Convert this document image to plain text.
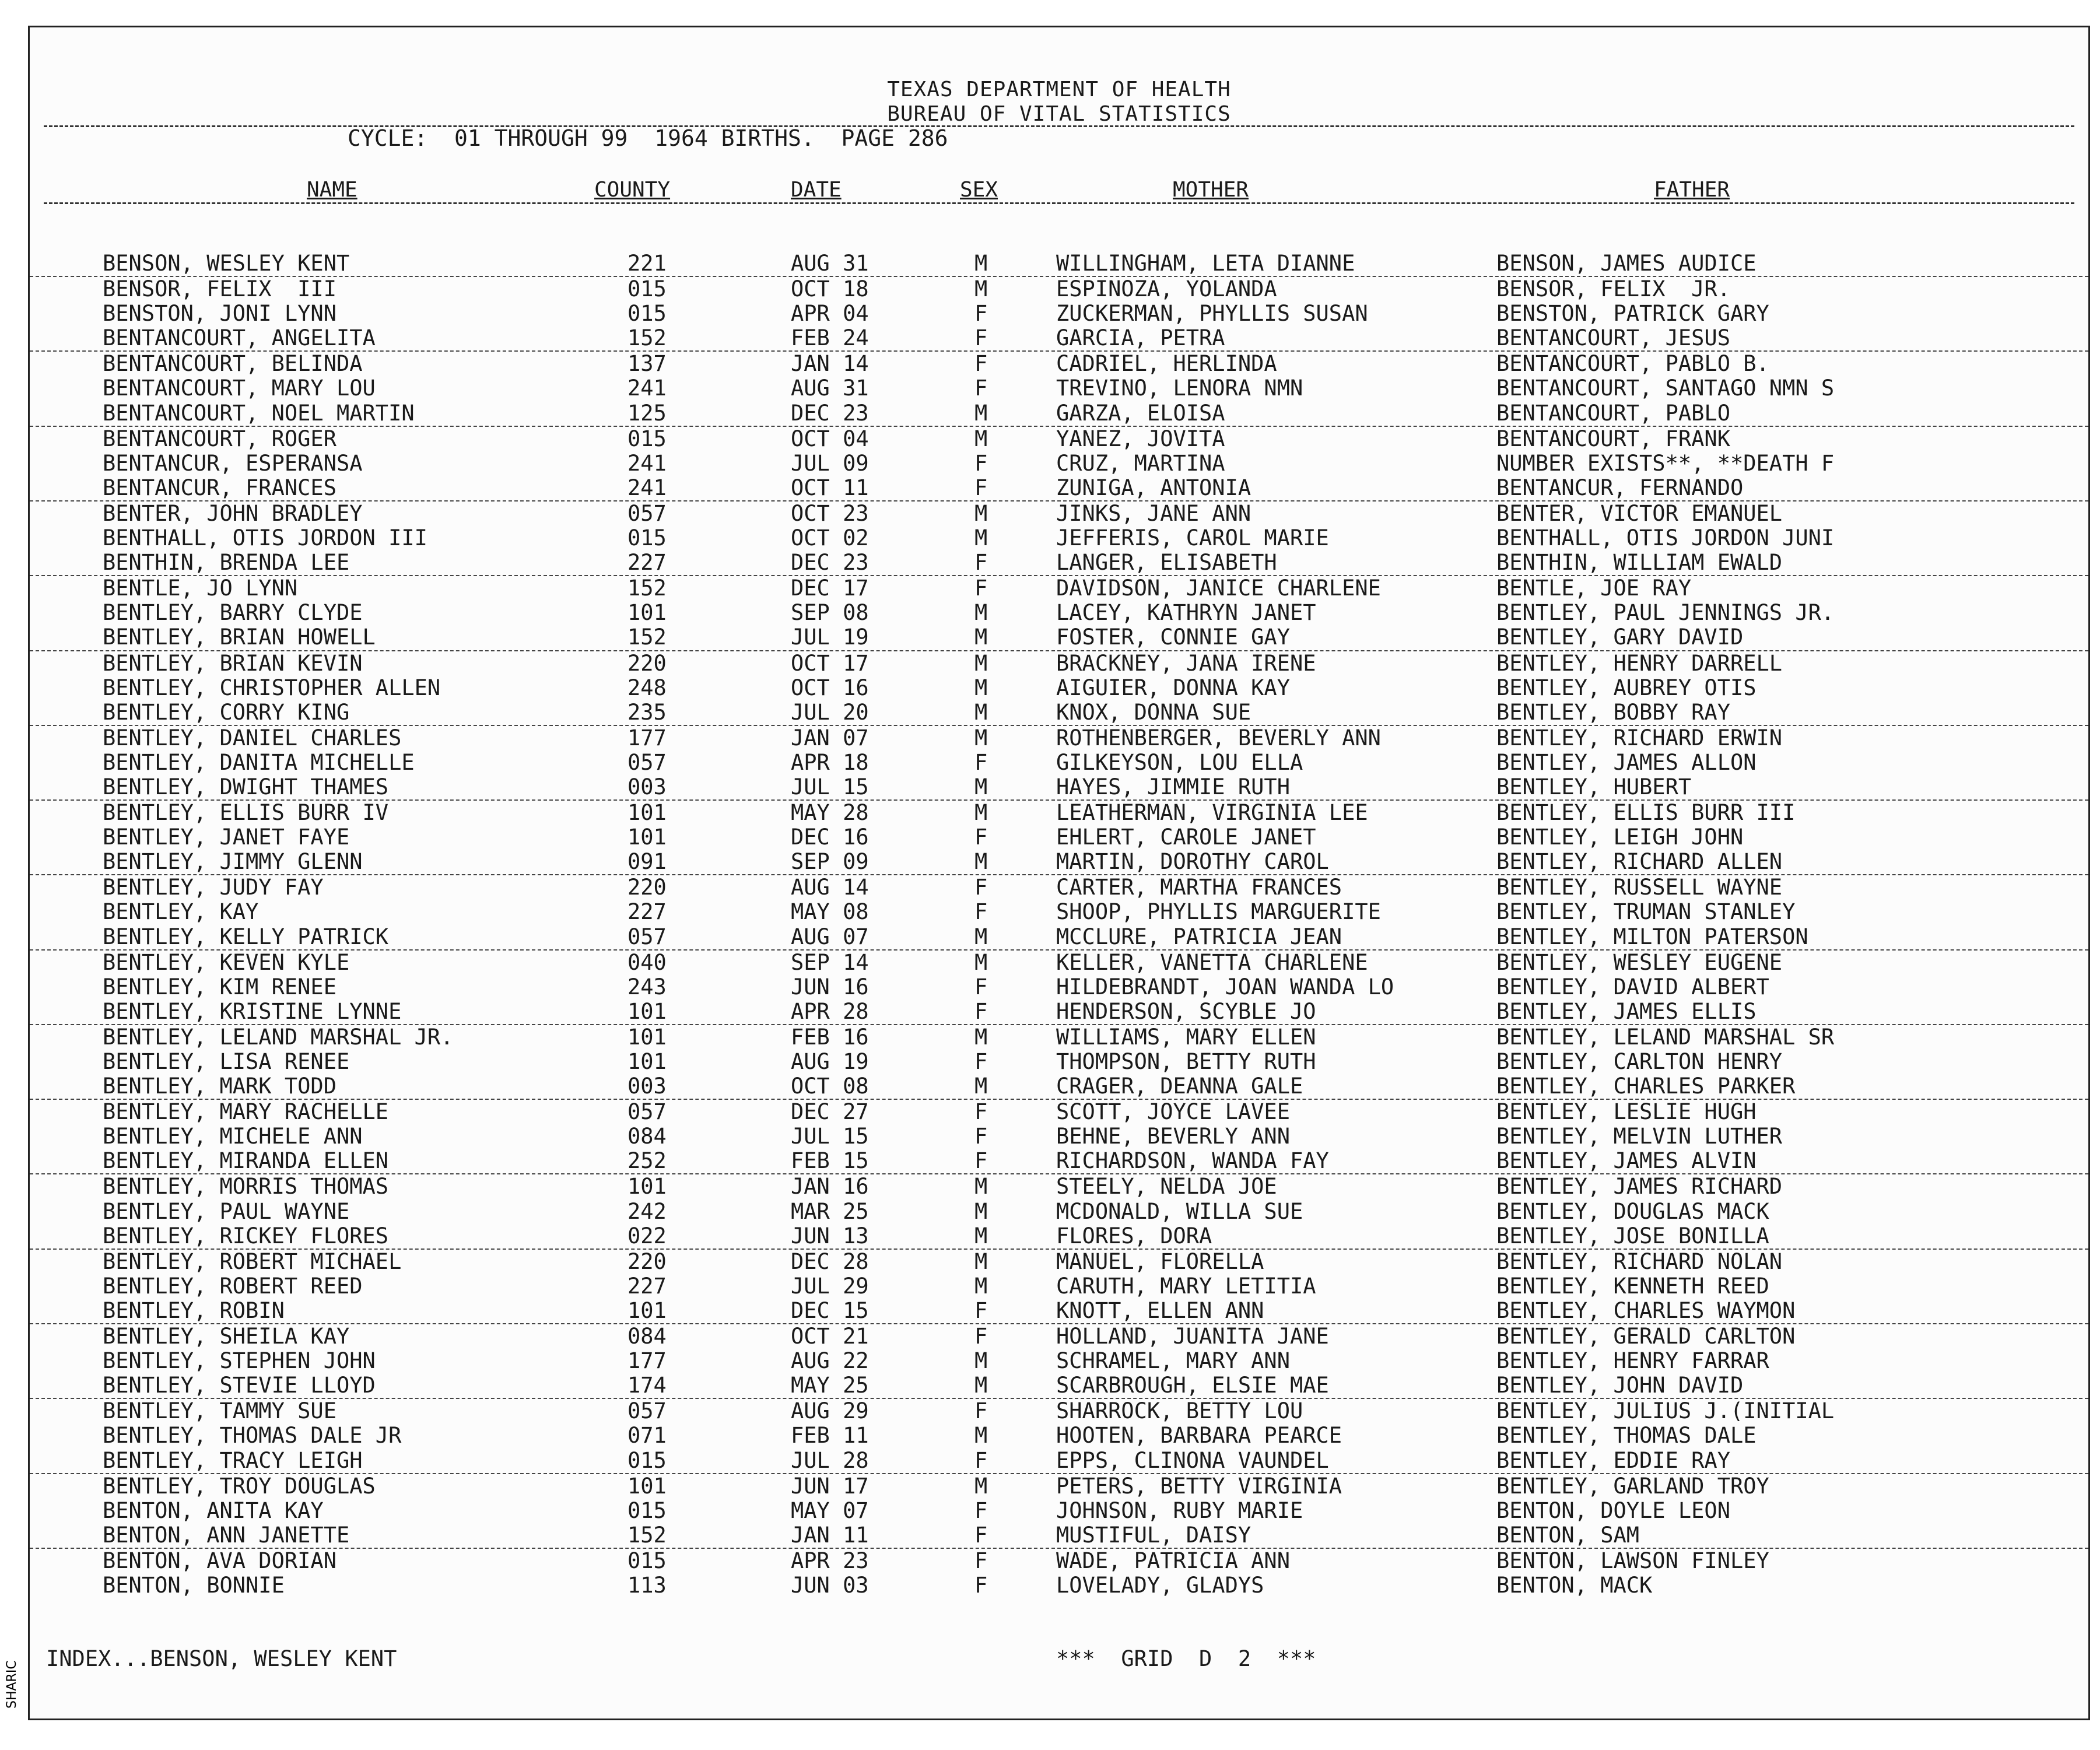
TEXAS DEPARTMENT OF HEALTH
BUREAU OF VITAL STATISTICS
CYCLE:  01 THROUGH 99  1964 BIRTHS.  PAGE 286
NAME	COUNTY	DATE	SEX	MOTHER	FATHER
BENSON, WESLEY KENT	221	AUG 31	M	WILLINGHAM, LETA DIANNE	BENSON, JAMES AUDICE
BENSOR, FELIX  III	015	OCT 18	M	ESPINOZA, YOLANDA	BENSOR, FELIX  JR.
BENSTON, JONI LYNN	015	APR 04	F	ZUCKERMAN, PHYLLIS SUSAN	BENSTON, PATRICK GARY
BENTANCOURT, ANGELITA	152	FEB 24	F	GARCIA, PETRA	BENTANCOURT, JESUS
BENTANCOURT, BELINDA	137	JAN 14	F	CADRIEL, HERLINDA	BENTANCOURT, PABLO B.
BENTANCOURT, MARY LOU	241	AUG 31	F	TREVINO, LENORA NMN	BENTANCOURT, SANTAGO NMN S
BENTANCOURT, NOEL MARTIN	125	DEC 23	M	GARZA, ELOISA	BENTANCOURT, PABLO
BENTANCOURT, ROGER	015	OCT 04	M	YANEZ, JOVITA	BENTANCOURT, FRANK
BENTANCUR, ESPERANSA	241	JUL 09	F	CRUZ, MARTINA	NUMBER EXISTS**, **DEATH F
BENTANCUR, FRANCES	241	OCT 11	F	ZUNIGA, ANTONIA	BENTANCUR, FERNANDO
BENTER, JOHN BRADLEY	057	OCT 23	M	JINKS, JANE ANN	BENTER, VICTOR EMANUEL
BENTHALL, OTIS JORDON III	015	OCT 02	M	JEFFERIS, CAROL MARIE	BENTHALL, OTIS JORDON JUNI
BENTHIN, BRENDA LEE	227	DEC 23	F	LANGER, ELISABETH	BENTHIN, WILLIAM EWALD
BENTLE, JO LYNN	152	DEC 17	F	DAVIDSON, JANICE CHARLENE	BENTLE, JOE RAY
BENTLEY, BARRY CLYDE	101	SEP 08	M	LACEY, KATHRYN JANET	BENTLEY, PAUL JENNINGS JR.
BENTLEY, BRIAN HOWELL	152	JUL 19	M	FOSTER, CONNIE GAY	BENTLEY, GARY DAVID
BENTLEY, BRIAN KEVIN	220	OCT 17	M	BRACKNEY, JANA IRENE	BENTLEY, HENRY DARRELL
BENTLEY, CHRISTOPHER ALLEN	248	OCT 16	M	AIGUIER, DONNA KAY	BENTLEY, AUBREY OTIS
BENTLEY, CORRY KING	235	JUL 20	M	KNOX, DONNA SUE	BENTLEY, BOBBY RAY
BENTLEY, DANIEL CHARLES	177	JAN 07	M	ROTHENBERGER, BEVERLY ANN	BENTLEY, RICHARD ERWIN
BENTLEY, DANITA MICHELLE	057	APR 18	F	GILKEYSON, LOU ELLA	BENTLEY, JAMES ALLON
BENTLEY, DWIGHT THAMES	003	JUL 15	M	HAYES, JIMMIE RUTH	BENTLEY, HUBERT
BENTLEY, ELLIS BURR IV	101	MAY 28	M	LEATHERMAN, VIRGINIA LEE	BENTLEY, ELLIS BURR III
BENTLEY, JANET FAYE	101	DEC 16	F	EHLERT, CAROLE JANET	BENTLEY, LEIGH JOHN
BENTLEY, JIMMY GLENN	091	SEP 09	M	MARTIN, DOROTHY CAROL	BENTLEY, RICHARD ALLEN
BENTLEY, JUDY FAY	220	AUG 14	F	CARTER, MARTHA FRANCES	BENTLEY, RUSSELL WAYNE
BENTLEY, KAY	227	MAY 08	F	SHOOP, PHYLLIS MARGUERITE	BENTLEY, TRUMAN STANLEY
BENTLEY, KELLY PATRICK	057	AUG 07	M	MCCLURE, PATRICIA JEAN	BENTLEY, MILTON PATERSON
BENTLEY, KEVEN KYLE	040	SEP 14	M	KELLER, VANETTA CHARLENE	BENTLEY, WESLEY EUGENE
BENTLEY, KIM RENEE	243	JUN 16	F	HILDEBRANDT, JOAN WANDA LO	BENTLEY, DAVID ALBERT
BENTLEY, KRISTINE LYNNE	101	APR 28	F	HENDERSON, SCYBLE JO	BENTLEY, JAMES ELLIS
BENTLEY, LELAND MARSHAL JR.	101	FEB 16	M	WILLIAMS, MARY ELLEN	BENTLEY, LELAND MARSHAL SR
BENTLEY, LISA RENEE	101	AUG 19	F	THOMPSON, BETTY RUTH	BENTLEY, CARLTON HENRY
BENTLEY, MARK TODD	003	OCT 08	M	CRAGER, DEANNA GALE	BENTLEY, CHARLES PARKER
BENTLEY, MARY RACHELLE	057	DEC 27	F	SCOTT, JOYCE LAVEE	BENTLEY, LESLIE HUGH
BENTLEY, MICHELE ANN	084	JUL 15	F	BEHNE, BEVERLY ANN	BENTLEY, MELVIN LUTHER
BENTLEY, MIRANDA ELLEN	252	FEB 15	F	RICHARDSON, WANDA FAY	BENTLEY, JAMES ALVIN
BENTLEY, MORRIS THOMAS	101	JAN 16	M	STEELY, NELDA JOE	BENTLEY, JAMES RICHARD
BENTLEY, PAUL WAYNE	242	MAR 25	M	MCDONALD, WILLA SUE	BENTLEY, DOUGLAS MACK
BENTLEY, RICKEY FLORES	022	JUN 13	M	FLORES, DORA	BENTLEY, JOSE BONILLA
BENTLEY, ROBERT MICHAEL	220	DEC 28	M	MANUEL, FLORELLA	BENTLEY, RICHARD NOLAN
BENTLEY, ROBERT REED	227	JUL 29	M	CARUTH, MARY LETITIA	BENTLEY, KENNETH REED
BENTLEY, ROBIN	101	DEC 15	F	KNOTT, ELLEN ANN	BENTLEY, CHARLES WAYMON
BENTLEY, SHEILA KAY	084	OCT 21	F	HOLLAND, JUANITA JANE	BENTLEY, GERALD CARLTON
BENTLEY, STEPHEN JOHN	177	AUG 22	M	SCHRAMEL, MARY ANN	BENTLEY, HENRY FARRAR
BENTLEY, STEVIE LLOYD	174	MAY 25	M	SCARBROUGH, ELSIE MAE	BENTLEY, JOHN DAVID
BENTLEY, TAMMY SUE	057	AUG 29	F	SHARROCK, BETTY LOU	BENTLEY, JULIUS J.(INITIAL
BENTLEY, THOMAS DALE JR	071	FEB 11	M	HOOTEN, BARBARA PEARCE	BENTLEY, THOMAS DALE
BENTLEY, TRACY LEIGH	015	JUL 28	F	EPPS, CLINONA VAUNDEL	BENTLEY, EDDIE RAY
BENTLEY, TROY DOUGLAS	101	JUN 17	M	PETERS, BETTY VIRGINIA	BENTLEY, GARLAND TROY
BENTON, ANITA KAY	015	MAY 07	F	JOHNSON, RUBY MARIE	BENTON, DOYLE LEON
BENTON, ANN JANETTE	152	JAN 11	F	MUSTIFUL, DAISY	BENTON, SAM
BENTON, AVA DORIAN	015	APR 23	F	WADE, PATRICIA ANN	BENTON, LAWSON FINLEY
BENTON, BONNIE	113	JUN 03	F	LOVELADY, GLADYS	BENTON, MACK
INDEX...BENSON, WESLEY KENT	***  GRID  D  2  ***
SHARIC
